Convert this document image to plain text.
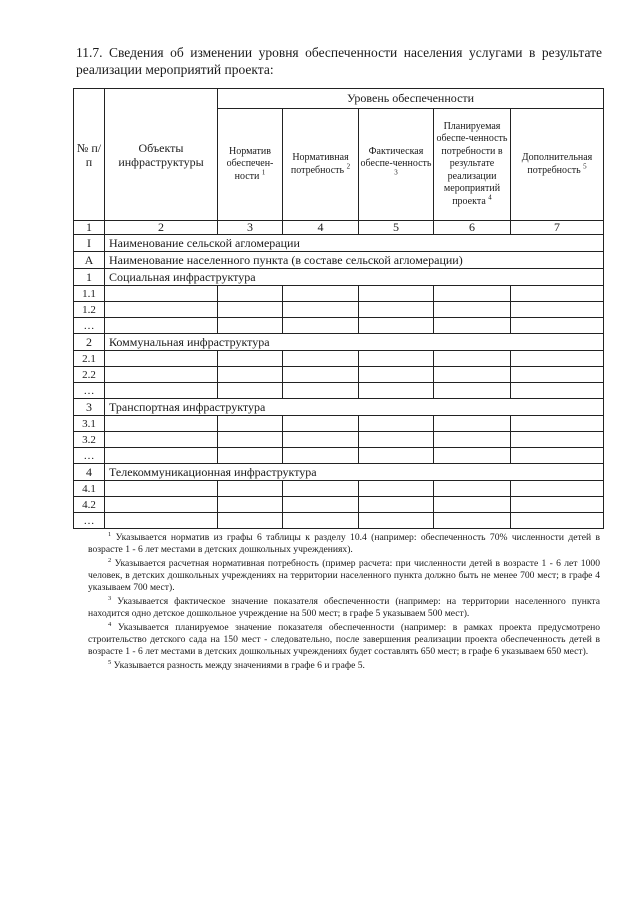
11.7. Сведения об изменении уровня обеспеченности населения услугами в результате реализации мероприятий проекта:
№ п/п	Объекты инфраструктуры	Уровень обеспеченности				
		Норматив обеспечен-ности $^1$	Нормативная потребность $^2$	Фактическая обеспе-ченность $^3$	Планируемая обеспе-ченность потребности в результате реализации мероприятий проекта $^4$	Дополнительная потребность $^5$
1	2	3	4	5	6	7
I	Наименование сельской агломерации					
А	Наименование населенного пункта (в составе сельской агломерации)					
1	Социальная инфраструктура					
1.1						
1.2						
…						
2	Коммунальная инфраструктура					
2.1						
2.2						
…						
3	Транспортная инфраструктура					
3.1						
3.2						
…						
4	Телекоммуникационная инфраструктура					
4.1						
4.2						
…						

$^1$ Указывается норматив из графы 6 таблицы к разделу 10.4 (например: обеспеченность 70% численности детей в возрасте 1 - 6 лет местами в детских дошкольных учреждениях).

$^2$ Указывается расчетная нормативная потребность (пример расчета: при численности детей в возрасте 1 - 6 лет 1000 человек, в детских дошкольных учреждениях на территории населенного пункта должно быть не менее 700 мест; в графе 4 указываем 700 мест).

$^3$ Указывается фактическое значение показателя обеспеченности (например: на территории населенного пункта находится одно детское дошкольное учреждение на 500 мест; в графе 5 указываем 500 мест).

$^4$ Указывается планируемое значение показателя обеспеченности (например: в рамках проекта предусмотрено строительство детского сада на 150 мест - следовательно, после завершения реализации проекта обеспеченность детей в возрасте 1 - 6 лет местами в детских дошкольных учреждениях будет составлять 650 мест; в графе 6 указываем 650 мест).

$^5$ Указывается разность между значениями в графе 6 и графе 5.
